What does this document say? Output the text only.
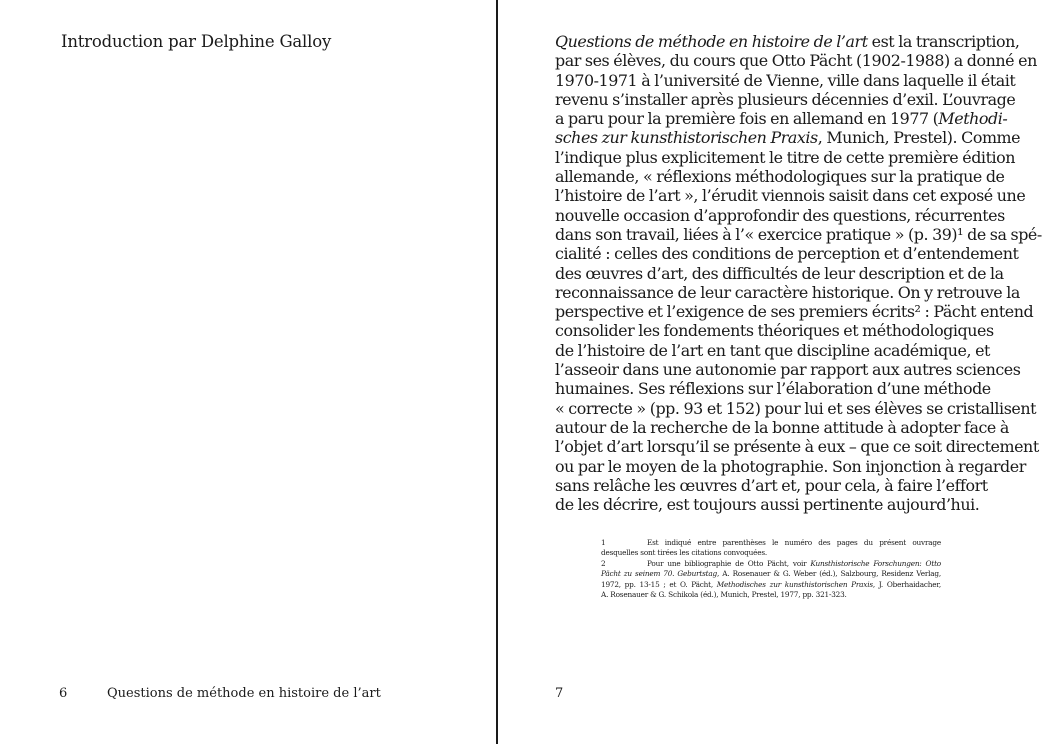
Introduction par Delphine Galloy

6	Questions de méthode en histoire de l’art

Questions de méthode en histoire de l’art est la transcription,
par ses élèves, du cours que Otto Pächt (1902-1988) a donné en
1970-1971 à l’université de Vienne, ville dans laquelle il était
revenu s’installer après plusieurs décennies d’exil. L’ouvrage
a paru pour la première fois en allemand en 1977 (Methodi-
sches zur kunsthistorischen Praxis, Munich, Prestel). Comme
l’indique plus explicitement le titre de cette première édition
allemande, « réflexions méthodologiques sur la pratique de
l’histoire de l’art », l’érudit viennois saisit dans cet exposé une
nouvelle occasion d’approfondir des questions, récurrentes
dans son travail, liées à l’« exercice pratique » (p. 39)¹ de sa spé-
cialité : celles des conditions de perception et d’entendement
des œuvres d’art, des difficultés de leur description et de la
reconnaissance de leur caractère historique. On y retrouve la
perspective et l’exigence de ses premiers écrits² : Pächt entend
consolider les fondements théoriques et méthodologiques
de l’histoire de l’art en tant que discipline académique, et
l’asseoir dans une autonomie par rapport aux autres sciences
humaines. Ses réflexions sur l’élaboration d’une méthode
« correcte » (pp. 93 et 152) pour lui et ses élèves se cristallisent
autour de la recherche de la bonne attitude à adopter face à
l’objet d’art lorsqu’il se présente à eux – que ce soit directement
ou par le moyen de la photographie. Son injonction à regarder
sans relâche les œuvres d’art et, pour cela, à faire l’effort
de les décrire, est toujours aussi pertinente aujourd’hui.
1	Est indiqué entre parenthèses le numéro des pages du présent ouvrage
desquelles sont tirées les citations convoquées.
2	Pour une bibliographie de Otto Pächt, voir Kunsthistorische Forschungen: Otto
Pächt zu seinem 70. Geburtstag, A. Rosenauer & G. Weber (éd.), Salzbourg, Residenz Verlag,
1972, pp. 13-15 ; et O. Pächt, Methodisches zur kunsthistorischen Praxis, J. Oberhaidacher,
A. Rosenauer & G. Schikola (éd.), Munich, Prestel, 1977, pp. 321-323.

7
